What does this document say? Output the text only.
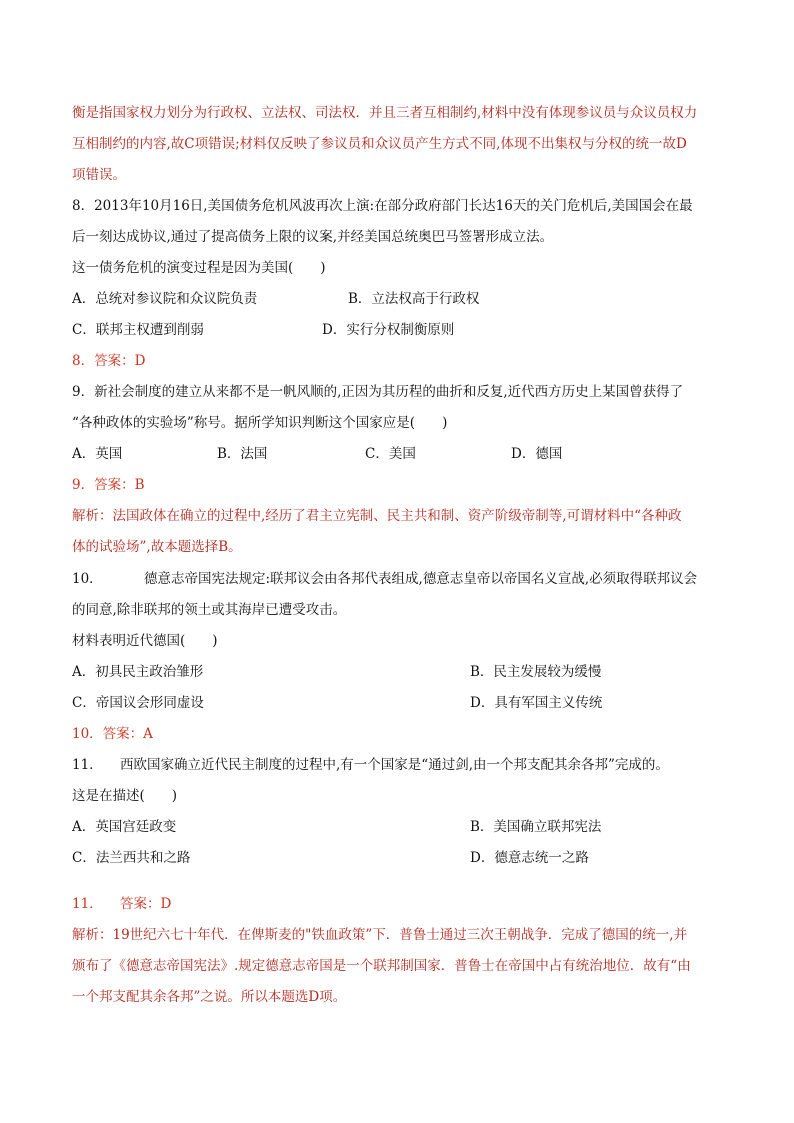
衡是指国家权力划分为行政权、立法权、司法权．并且三者互相制约,材料中没有体现参议员与众议员权力
互相制约的内容,故C项错误;材料仅反映了参议员和众议员产生方式不同,体现不出集权与分权的统一故D
项错误。
8．2013年10月16日,美国债务危机风波再次上演:在部分政府部门长达16天的关门危机后,美国国会在最
后一刻达成协议,通过了提高债务上限的议案,并经美国总统奥巴马签署形成立法。
这一债务危机的演变过程是因为美国(　　)
A．总统对参议院和众议院负责	B．立法权高于行政权
C．联邦主权遭到削弱	D．实行分权制衡原则
8．答案：D
9．新社会制度的建立从来都不是一帆风顺的,正因为其历程的曲折和反复,近代西方历史上某国曾获得了
“各种政体的实验场”称号。据所学知识判断这个国家应是(　　)
A．英国	B．法国	C．美国	D．德国
9．答案：B
解析：法国政体在确立的过程中,经历了君主立宪制、民主共和制、资产阶级帝制等,可谓材料中“各种政
体的试验场”,故本题选择B。
10．	德意志帝国宪法规定:联邦议会由各邦代表组成,德意志皇帝以帝国名义宣战,必须取得联邦议会
的同意,除非联邦的领土或其海岸已遭受攻击。
材料表明近代德国(　　)
A．初具民主政治雏形	B．民主发展较为缓慢
C．帝国议会形同虚设	D．具有军国主义传统
10．答案：A
11． 西欧国家确立近代民主制度的过程中,有一个国家是“通过剑,由一个邦支配其余各邦”完成的。
这是在描述(　　)
A．英国宫廷政变	B．美国确立联邦宪法
C．法兰西共和之路	D．德意志统一之路
11． 答案：D
解析：19世纪六七十年代．在俾斯麦的"铁血政策”下．普鲁士通过三次王朝战争．完成了德国的统一,并
颁布了《德意志帝国宪法》.规定德意志帝国是一个联邦制国家．普鲁士在帝国中占有统治地位．故有“由
一个邦支配其余各邦”之说。所以本题选D项。
